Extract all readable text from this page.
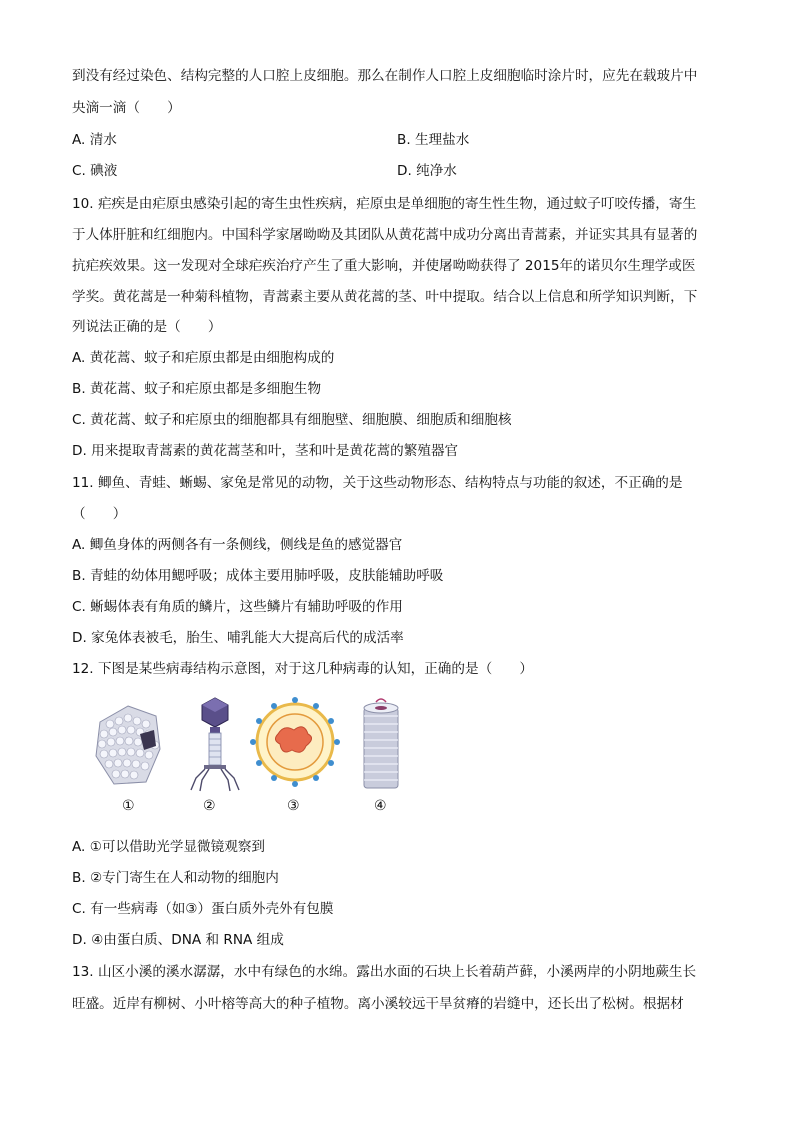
到没有经过染色、结构完整的人口腔上皮细胞。那么在制作人口腔上皮细胞临时涂片时，应先在载玻片中
央滴一滴（　　）
A. 清水	B. 生理盐水
C. 碘液	D. 纯净水
10. 疟疾是由疟原虫感染引起的寄生虫性疾病，疟原虫是单细胞的寄生性生物，通过蚊子叮咬传播，寄生
于人体肝脏和红细胞内。中国科学家屠呦呦及其团队从黄花蒿中成功分离出青蒿素，并证实其具有显著的
抗疟疾效果。这一发现对全球疟疾治疗产生了重大影响，并使屠呦呦获得了 2015年的诺贝尔生理学或医
学奖。黄花蒿是一种菊科植物，青蒿素主要从黄花蒿的茎、叶中提取。结合以上信息和所学知识判断，下
列说法正确的是（　　）
A. 黄花蒿、蚊子和疟原虫都是由细胞构成的
B. 黄花蒿、蚊子和疟原虫都是多细胞生物
C. 黄花蒿、蚊子和疟原虫的细胞都具有细胞壁、细胞膜、细胞质和细胞核
D. 用来提取青蒿素的黄花蒿茎和叶，茎和叶是黄花蒿的繁殖器官
11. 鲫鱼、青蛙、蜥蜴、家兔是常见的动物，关于这些动物形态、结构特点与功能的叙述，不正确的是
（　　）
A. 鲫鱼身体的两侧各有一条侧线，侧线是鱼的感觉器官
B. 青蛙的幼体用鳃呼吸；成体主要用肺呼吸，皮肤能辅助呼吸
C. 蜥蜴体表有角质的鳞片，这些鳞片有辅助呼吸的作用
D. 家兔体表被毛，胎生、哺乳能大大提高后代的成活率
12. 下图是某些病毒结构示意图，对于这几种病毒的认知，正确的是（　　）
①	②	③	④
A. ①可以借助光学显微镜观察到
B. ②专门寄生在人和动物的细胞内
C. 有一些病毒（如③）蛋白质外壳外有包膜
D. ④由蛋白质、DNA 和 RNA 组成
13. 山区小溪的溪水潺潺，水中有绿色的水绵。露出水面的石块上长着葫芦藓，小溪两岸的小阴地蕨生长
旺盛。近岸有柳树、小叶榕等高大的种子植物。离小溪较远干旱贫瘠的岩缝中，还长出了松树。根据材
